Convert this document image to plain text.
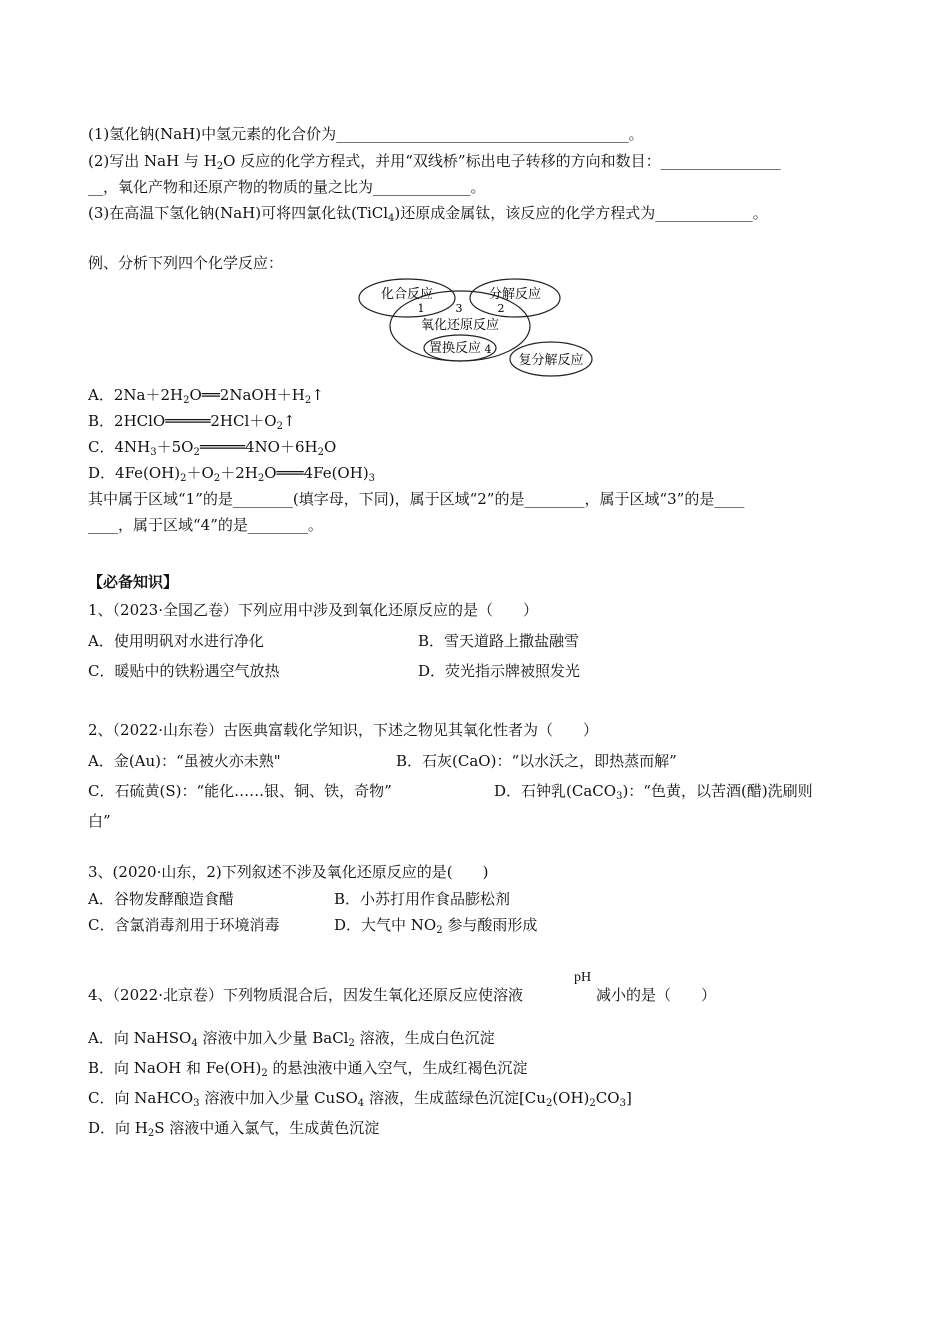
(1)氢化钠(NaH)中氢元素的化合价为_______________________________________。
(2)写出 NaH 与 $H_2O$ 反应的化学方程式，并用“双线桥”标出电子转移的方向和数目：________________
__，氧化产物和还原产物的物质的量之比为_____________。
(3)在高温下氢化钠(NaH)可将四氯化钛(TiCl$_4$)还原成金属钛，该反应的化学方程式为_____________。
例、分析下列四个化学反应：
化合反应	分解反应
氧化还原反应
置换反应 4
复分解反应
1	3	2
A．$2Na+2H_2O══2NaOH+H_2↑$
B．$2HClO═════2HCl+O_2↑$
C．$4NH_3+5O_2═════4NO+6H_2O$
D．$4Fe(OH)_2+O_2+2H_2O═══4Fe(OH)_3$
其中属于区域“1”的是________(填字母，下同)，属于区域“2”的是________，属于区域“3”的是____
____，属于区域“4”的是________。
【必备知识】
1、（2023·全国乙卷）下列应用中涉及到氧化还原反应的是（　　）
A．使用明矾对水进行净化	B．雪天道路上撒盐融雪
C．暖贴中的铁粉遇空气放热	D．荧光指示牌被照发光
2、（2022·山东卷）古医典富载化学知识，下述之物见其氧化性者为（　　）
A．金(Au)：“虽被火亦未熟"	B．石灰(CaO)：“以水沃之，即热蒸而解”
C．石硫黄(S)：“能化……银、铜、铁，奇物”	D．石钟乳(CaCO$_3$)：“色黄，以苦酒(醋)洗刷则
白”
3、(2020·山东，2)下列叙述不涉及氧化还原反应的是(　　)
A．谷物发酵酿造食醋	B．小苏打用作食品膨松剂
C．含氯消毒剂用于环境消毒	D．大气中 $NO_2$ 参与酸雨形成
4、（2022·北京卷）下列物质混合后，因发生氧化还原反应使溶液
pH
减小的是（　　）
A．向 NaHSO$_4$ 溶液中加入少量 BaCl$_2$ 溶液，生成白色沉淀
B．向 NaOH 和 $Fe(OH)_2$ 的悬浊液中通入空气，生成红褐色沉淀
C．向 NaHCO$_3$ 溶液中加入少量 CuSO$_4$ 溶液，生成蓝绿色沉淀$[Cu_2(OH)_2CO_3]$
D．向 $H_2S$ 溶液中通入氯气，生成黄色沉淀
